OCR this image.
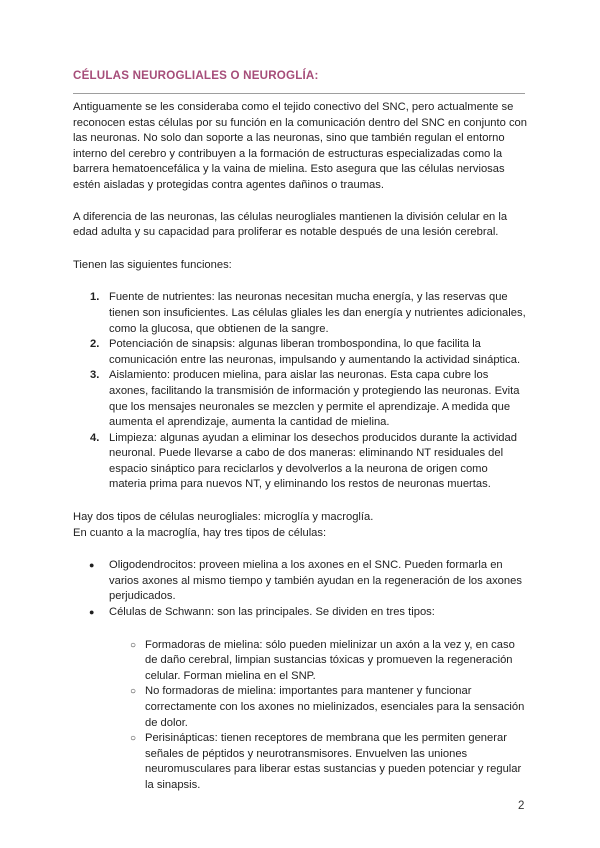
CÉLULAS NEUROGLIALES O NEUROGLÍA:

Antiguamente se les consideraba como el tejido conectivo del SNC, pero actualmente se reconocen estas células por su función en la comunicación dentro del SNC en conjunto con las neuronas. No solo dan soporte a las neuronas, sino que también regulan el entorno interno del cerebro y contribuyen a la formación de estructuras especializadas como la barrera hematoencefálica y la vaina de mielina. Esto asegura que las células nerviosas estén aisladas y protegidas contra agentes dañinos o traumas.

A diferencia de las neuronas, las células neurogliales mantienen la división celular en la edad adulta y su capacidad para proliferar es notable después de una lesión cerebral.

Tienen las siguientes funciones:

1. Fuente de nutrientes: las neuronas necesitan mucha energía, y las reservas que tienen son insuficientes. Las células gliales les dan energía y nutrientes adicionales, como la glucosa, que obtienen de la sangre.
2. Potenciación de sinapsis: algunas liberan trombospondina, lo que facilita la comunicación entre las neuronas, impulsando y aumentando la actividad sináptica.
3. Aislamiento: producen mielina, para aislar las neuronas. Esta capa cubre los axones, facilitando la transmisión de información y protegiendo las neuronas. Evita que los mensajes neuronales se mezclen y permite el aprendizaje. A medida que aumenta el aprendizaje, aumenta la cantidad de mielina.
4. Limpieza: algunas ayudan a eliminar los desechos producidos durante la actividad neuronal. Puede llevarse a cabo de dos maneras: eliminando NT residuales del espacio sináptico para reciclarlos y devolverlos a la neurona de origen como materia prima para nuevos NT, y eliminando los restos de neuronas muertas.
Hay dos tipos de células neurogliales: microglía y macroglía.
En cuanto a la macroglía, hay tres tipos de células:
● Oligodendrocitos: proveen mielina a los axones en el SNC. Pueden formarla en varios axones al mismo tiempo y también ayudan en la regeneración de los axones perjudicados.
● Células de Schwann: son las principales. Se dividen en tres tipos:
○ Formadoras de mielina: sólo pueden mielinizar un axón a la vez y, en caso de daño cerebral, limpian sustancias tóxicas y promueven la regeneración celular. Forman mielina en el SNP.
○ No formadoras de mielina: importantes para mantener y funcionar correctamente con los axones no mielinizados, esenciales para la sensación de dolor.
○ Perisinápticas: tienen receptores de membrana que les permiten generar señales de péptidos y neurotransmisores. Envuelven las uniones neuromusculares para liberar estas sustancias y pueden potenciar y regular la sinapsis.
2
